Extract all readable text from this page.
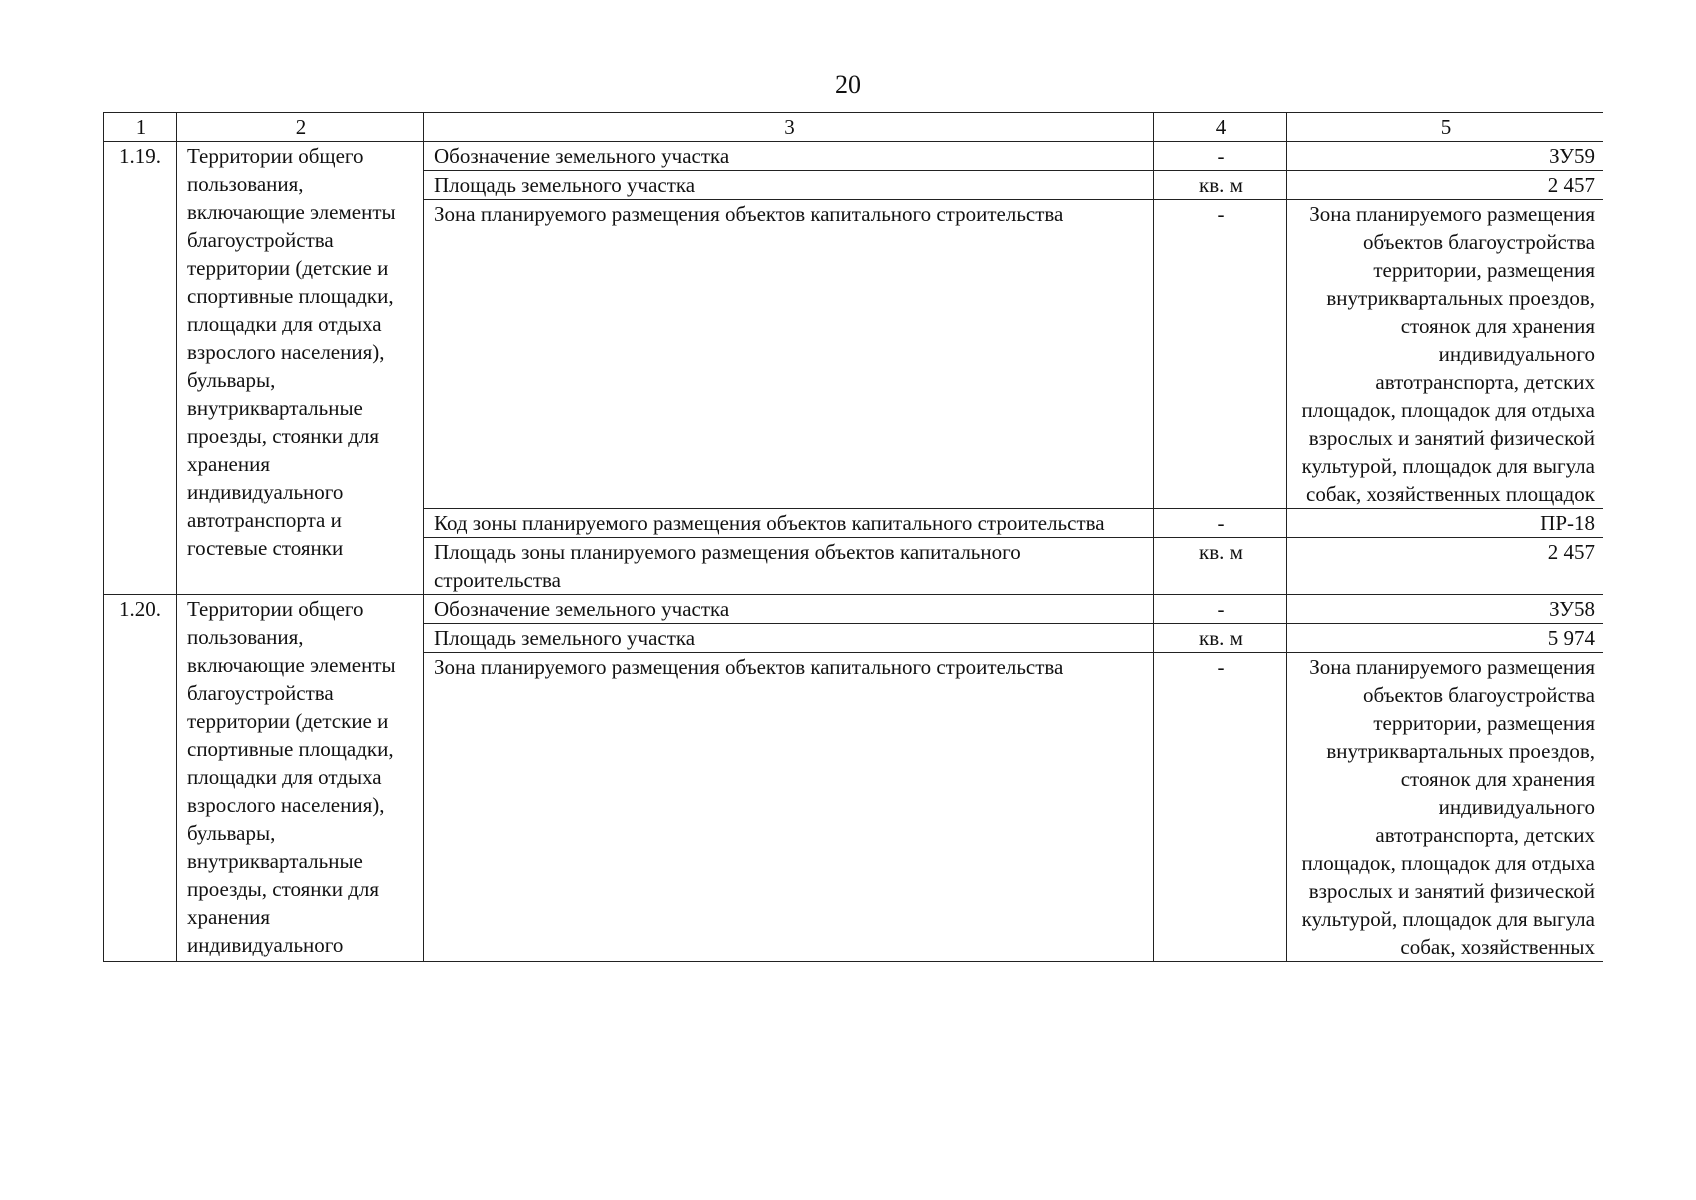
20
1	2	3	4	5
1.19.	Территории общего пользования, включающие элементы благоустройства территории (детские и спортивные площадки, площадки для отдыха взрослого населения), бульвары, внутриквартальные проезды, стоянки для хранения индивидуального автотранспорта и гостевые стоянки	Обозначение земельного участка	-	ЗУ59
		Площадь земельного участка	кв. м	2 457
		Зона планируемого размещения объектов капитального строительства	-	Зона планируемого размещения объектов благоустройства территории, размещения внутриквартальных проездов, стоянок для хранения индивидуального автотранспорта, детских площадок, площадок для отдыха взрослых и занятий физической культурой, площадок для выгула собак, хозяйственных площадок
		Код зоны планируемого размещения объектов капитального строительства	-	ПР-18
		Площадь зоны планируемого размещения объектов капитального строительства	кв. м	2 457
1.20.	Территории общего пользования, включающие элементы благоустройства территории (детские и спортивные площадки, площадки для отдыха взрослого населения), бульвары, внутриквартальные проезды, стоянки для хранения индивидуального	Обозначение земельного участка	-	ЗУ58
		Площадь земельного участка	кв. м	5 974
		Зона планируемого размещения объектов капитального строительства	-	Зона планируемого размещения объектов благоустройства территории, размещения внутриквартальных проездов, стоянок для хранения индивидуального автотранспорта, детских площадок, площадок для отдыха взрослых и занятий физической культурой, площадок для выгула собак, хозяйственных
